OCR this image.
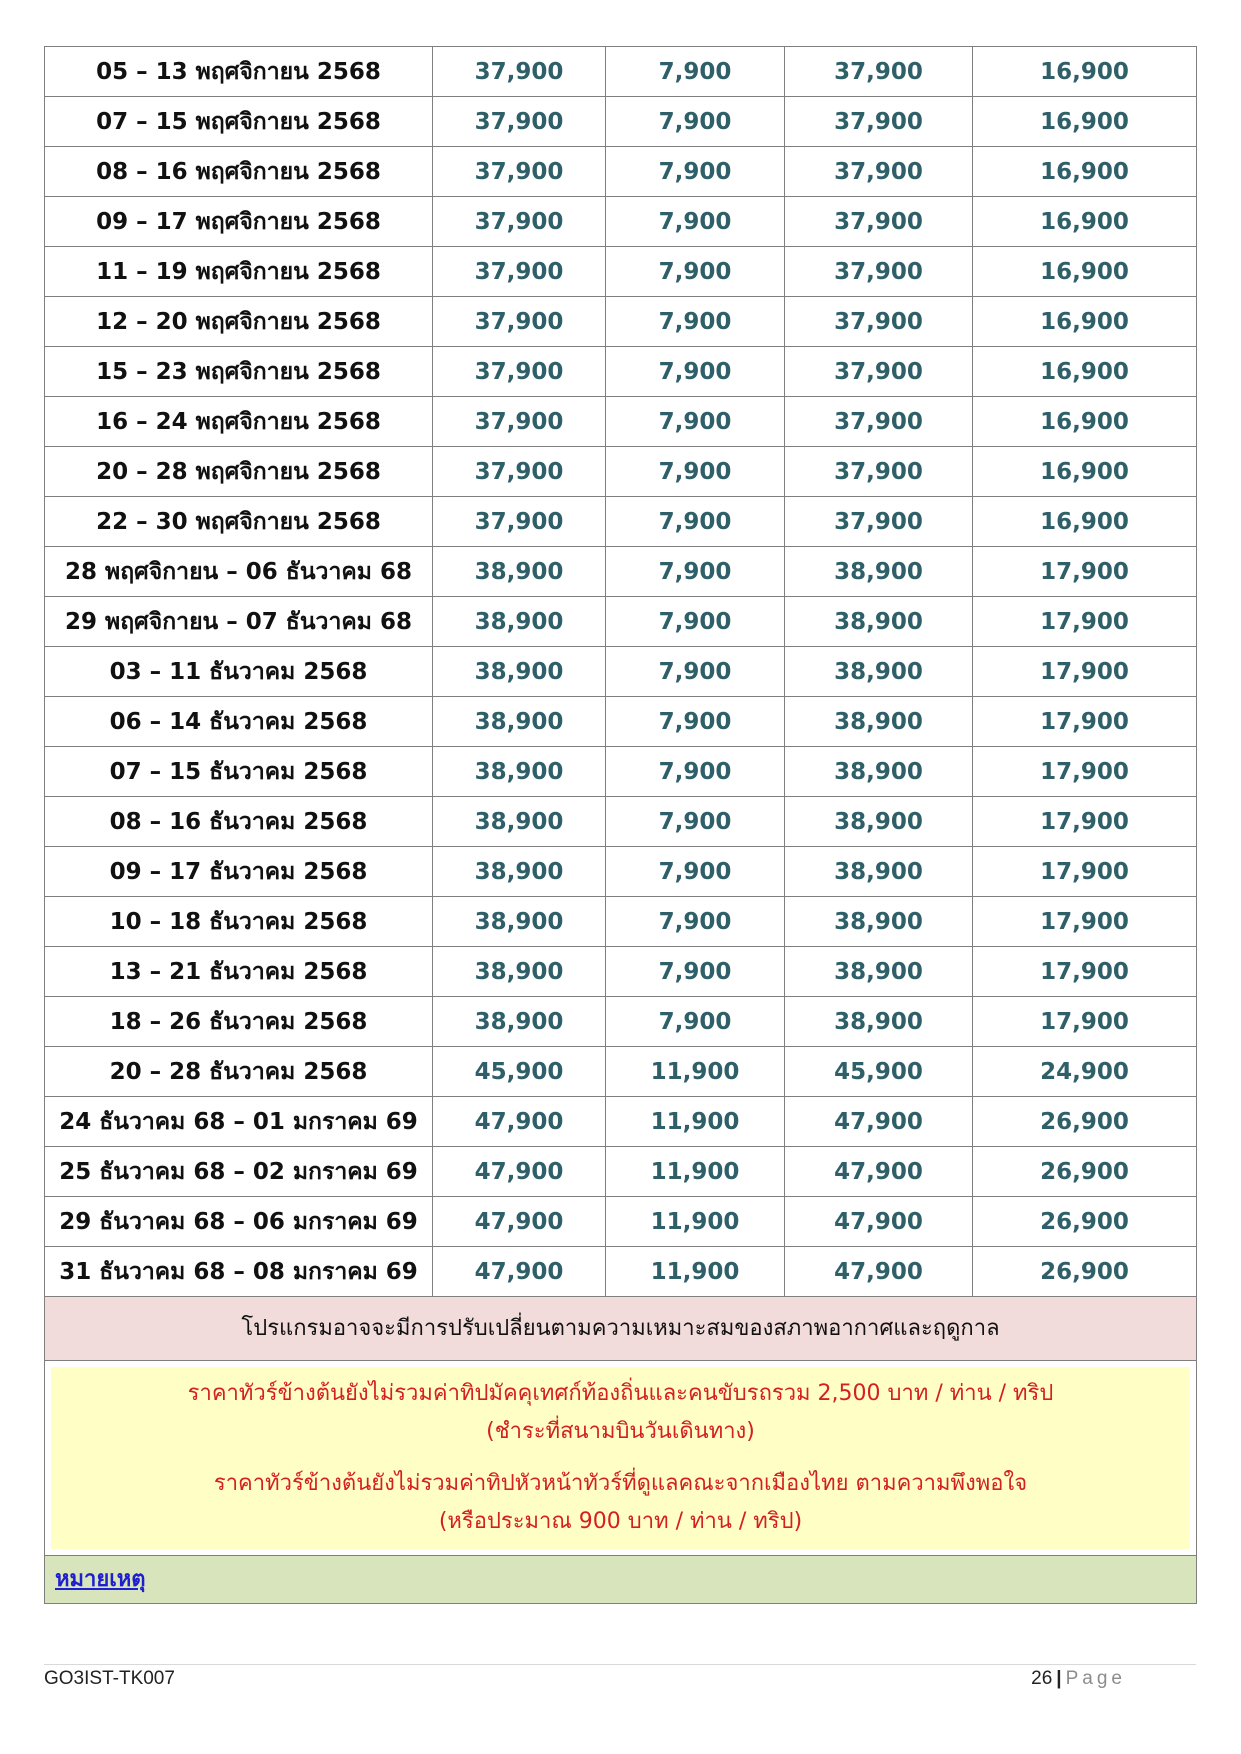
05 – 13 พฤศจิกายน 2568	37,900	7,900	37,900	16,900
07 – 15 พฤศจิกายน 2568	37,900	7,900	37,900	16,900
08 – 16 พฤศจิกายน 2568	37,900	7,900	37,900	16,900
09 – 17 พฤศจิกายน 2568	37,900	7,900	37,900	16,900
11 – 19 พฤศจิกายน 2568	37,900	7,900	37,900	16,900
12 – 20 พฤศจิกายน 2568	37,900	7,900	37,900	16,900
15 – 23 พฤศจิกายน 2568	37,900	7,900	37,900	16,900
16 – 24 พฤศจิกายน 2568	37,900	7,900	37,900	16,900
20 – 28 พฤศจิกายน 2568	37,900	7,900	37,900	16,900
22 – 30 พฤศจิกายน 2568	37,900	7,900	37,900	16,900
28 พฤศจิกายน – 06 ธันวาคม 68	38,900	7,900	38,900	17,900
29 พฤศจิกายน – 07 ธันวาคม 68	38,900	7,900	38,900	17,900
03 – 11 ธันวาคม 2568	38,900	7,900	38,900	17,900
06 – 14 ธันวาคม 2568	38,900	7,900	38,900	17,900
07 – 15 ธันวาคม 2568	38,900	7,900	38,900	17,900
08 – 16 ธันวาคม 2568	38,900	7,900	38,900	17,900
09 – 17 ธันวาคม 2568	38,900	7,900	38,900	17,900
10 – 18 ธันวาคม 2568	38,900	7,900	38,900	17,900
13 – 21 ธันวาคม 2568	38,900	7,900	38,900	17,900
18 – 26 ธันวาคม 2568	38,900	7,900	38,900	17,900
20 – 28 ธันวาคม 2568	45,900	11,900	45,900	24,900
24 ธันวาคม 68 – 01 มกราคม 69	47,900	11,900	47,900	26,900
25 ธันวาคม 68 – 02 มกราคม 69	47,900	11,900	47,900	26,900
29 ธันวาคม 68 – 06 มกราคม 69	47,900	11,900	47,900	26,900
31 ธันวาคม 68 – 08 มกราคม 69	47,900	11,900	47,900	26,900
โปรแกรมอาจจะมีการปรับเปลี่ยนตามความเหมาะสมของสภาพอากาศและฤดูกาล				

ราคาทัวร์ข้างต้นยังไม่รวมค่าทิปมัคคุเทศก์ท้องถิ่นและคนขับรถรวม 2,500 บาท / ท่าน / ทริป
(ชำระที่สนามบินวันเดินทาง)
ราคาทัวร์ข้างต้นยังไม่รวมค่าทิปหัวหน้าทัวร์ที่ดูแลคณะจากเมืองไทย ตามความพึงพอใจ
(หรือประมาณ 900 บาท / ท่าน / ทริป)				

หมายเหตุ				
GO3IST-TK007	26 | Page
